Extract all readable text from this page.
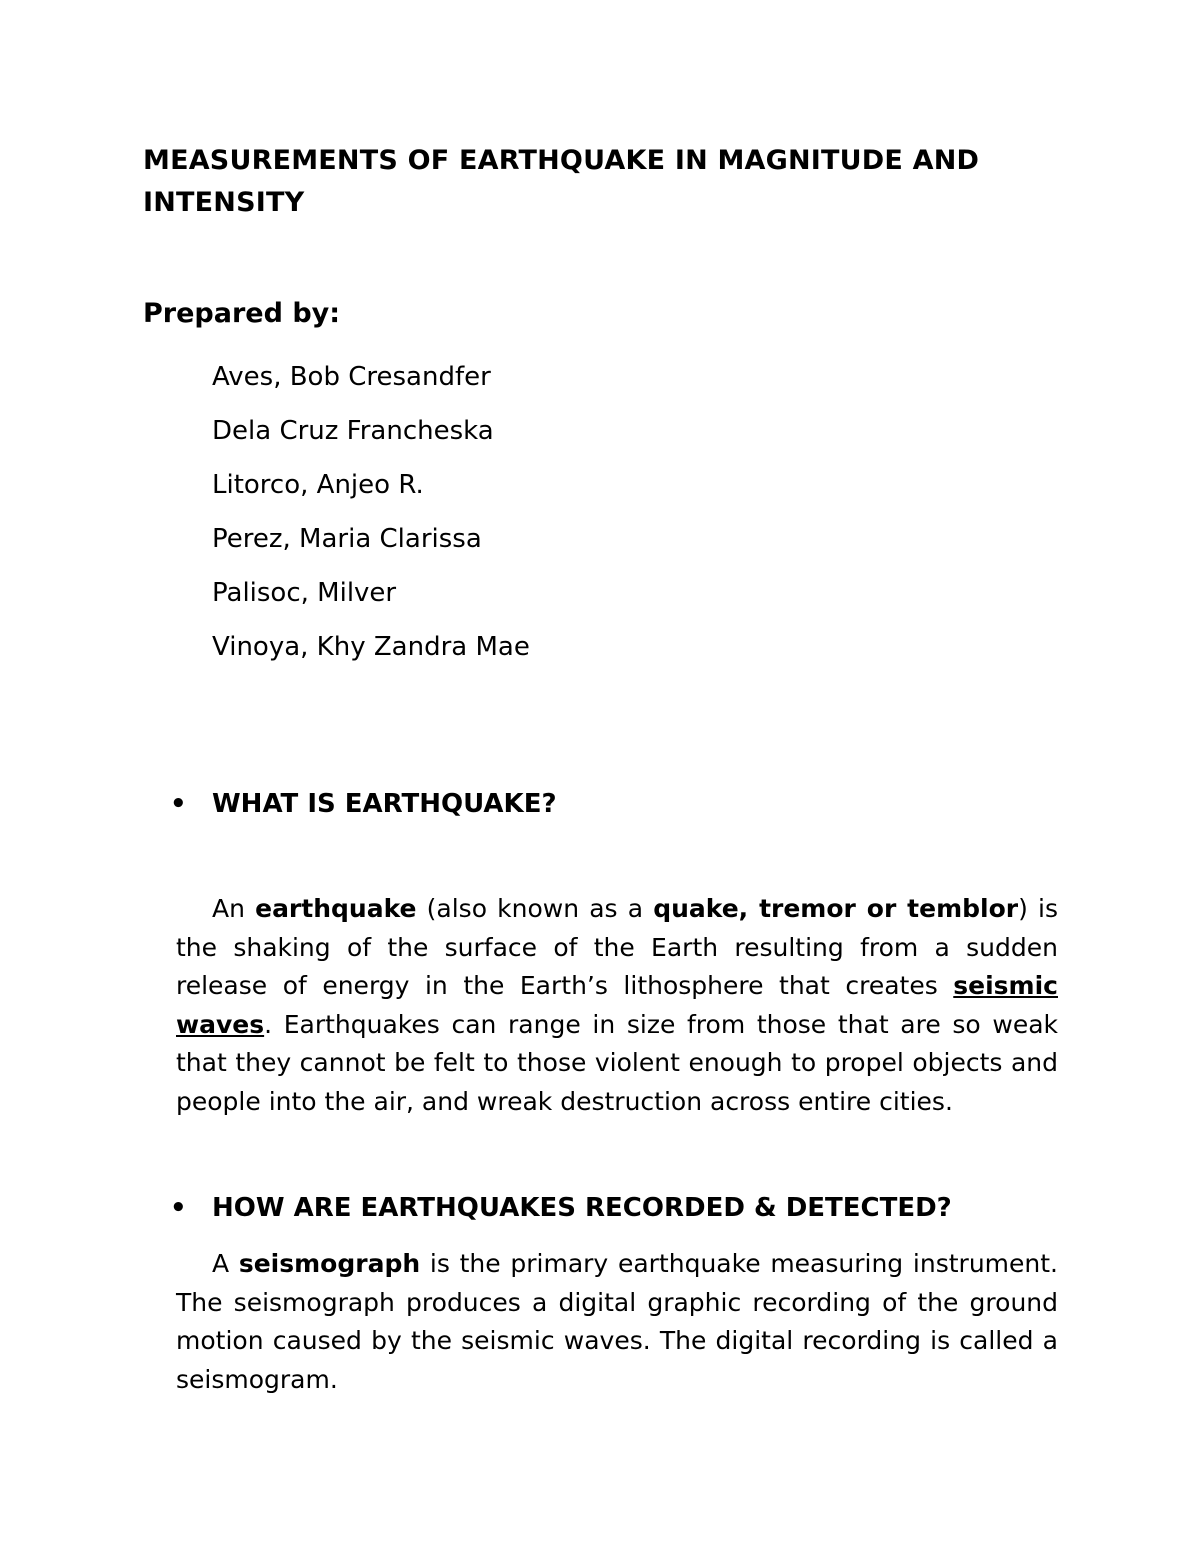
MEASUREMENTS OF EARTHQUAKE IN MAGNITUDE AND INTENSITY

Prepared by:

Aves, Bob Cresandfer
Dela Cruz Francheska
Litorco, Anjeo R.
Perez, Maria Clarissa
Palisoc, Milver
Vinoya, Khy Zandra Mae
• WHAT IS EARTHQUAKE?

An earthquake (also known as a quake, tremor or temblor) is the shaking of the surface of the Earth resulting from a sudden release of energy in the Earth’s lithosphere that creates seismic waves. Earthquakes can range in size from those that are so weak that they cannot be felt to those violent enough to propel objects and people into the air, and wreak destruction across entire cities.

• HOW ARE EARTHQUAKES RECORDED & DETECTED?

A seismograph is the primary earthquake measuring instrument. The seismograph produces a digital graphic recording of the ground motion caused by the seismic waves. The digital recording is called a seismogram.
